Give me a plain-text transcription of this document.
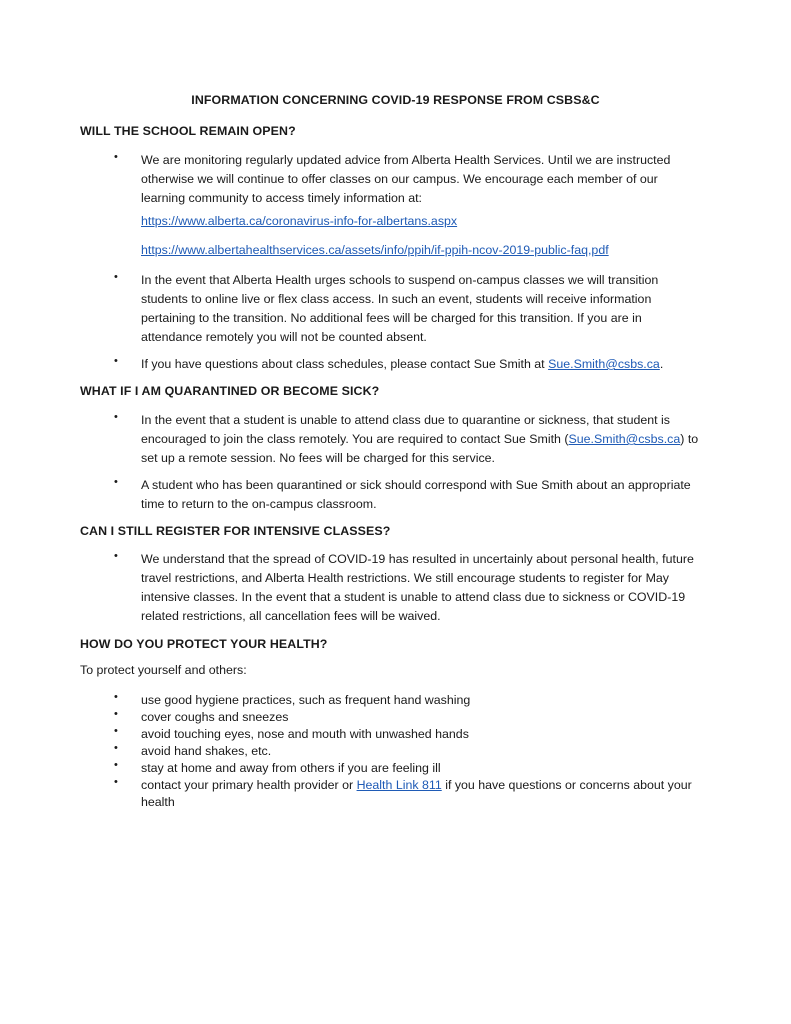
INFORMATION CONCERNING COVID-19 RESPONSE FROM CSBS&C
WILL THE SCHOOL REMAIN OPEN?
• We are monitoring regularly updated advice from Alberta Health Services. Until we are instructed otherwise we will continue to offer classes on our campus. We encourage each member of our learning community to access timely information at:
https://www.alberta.ca/coronavirus-info-for-albertans.aspx
https://www.albertahealthservices.ca/assets/info/ppih/if-ppih-ncov-2019-public-faq,pdf
• In the event that Alberta Health urges schools to suspend on-campus classes we will transition students to online live or flex class access. In such an event, students will receive information pertaining to the transition. No additional fees will be charged for this transition. If you are in attendance remotely you will not be counted absent.
• If you have questions about class schedules, please contact Sue Smith at Sue.Smith@csbs.ca.
WHAT IF I AM QUARANTINED OR BECOME SICK?
• In the event that a student is unable to attend class due to quarantine or sickness, that student is encouraged to join the class remotely. You are required to contact Sue Smith (Sue.Smith@csbs.ca) to set up a remote session. No fees will be charged for this service.
• A student who has been quarantined or sick should correspond with Sue Smith about an appropriate time to return to the on-campus classroom.
CAN I STILL REGISTER FOR INTENSIVE CLASSES?
• We understand that the spread of COVID-19 has resulted in uncertainly about personal health, future travel restrictions, and Alberta Health restrictions. We still encourage students to register for May intensive classes. In the event that a student is unable to attend class due to sickness or COVID-19 related restrictions, all cancellation fees will be waived.
HOW DO YOU PROTECT YOUR HEALTH?
To protect yourself and others:
• use good hygiene practices, such as frequent hand washing
• cover coughs and sneezes
• avoid touching eyes, nose and mouth with unwashed hands
• avoid hand shakes, etc.
• stay at home and away from others if you are feeling ill
• contact your primary health provider or Health Link 811 if you have questions or concerns about your health
